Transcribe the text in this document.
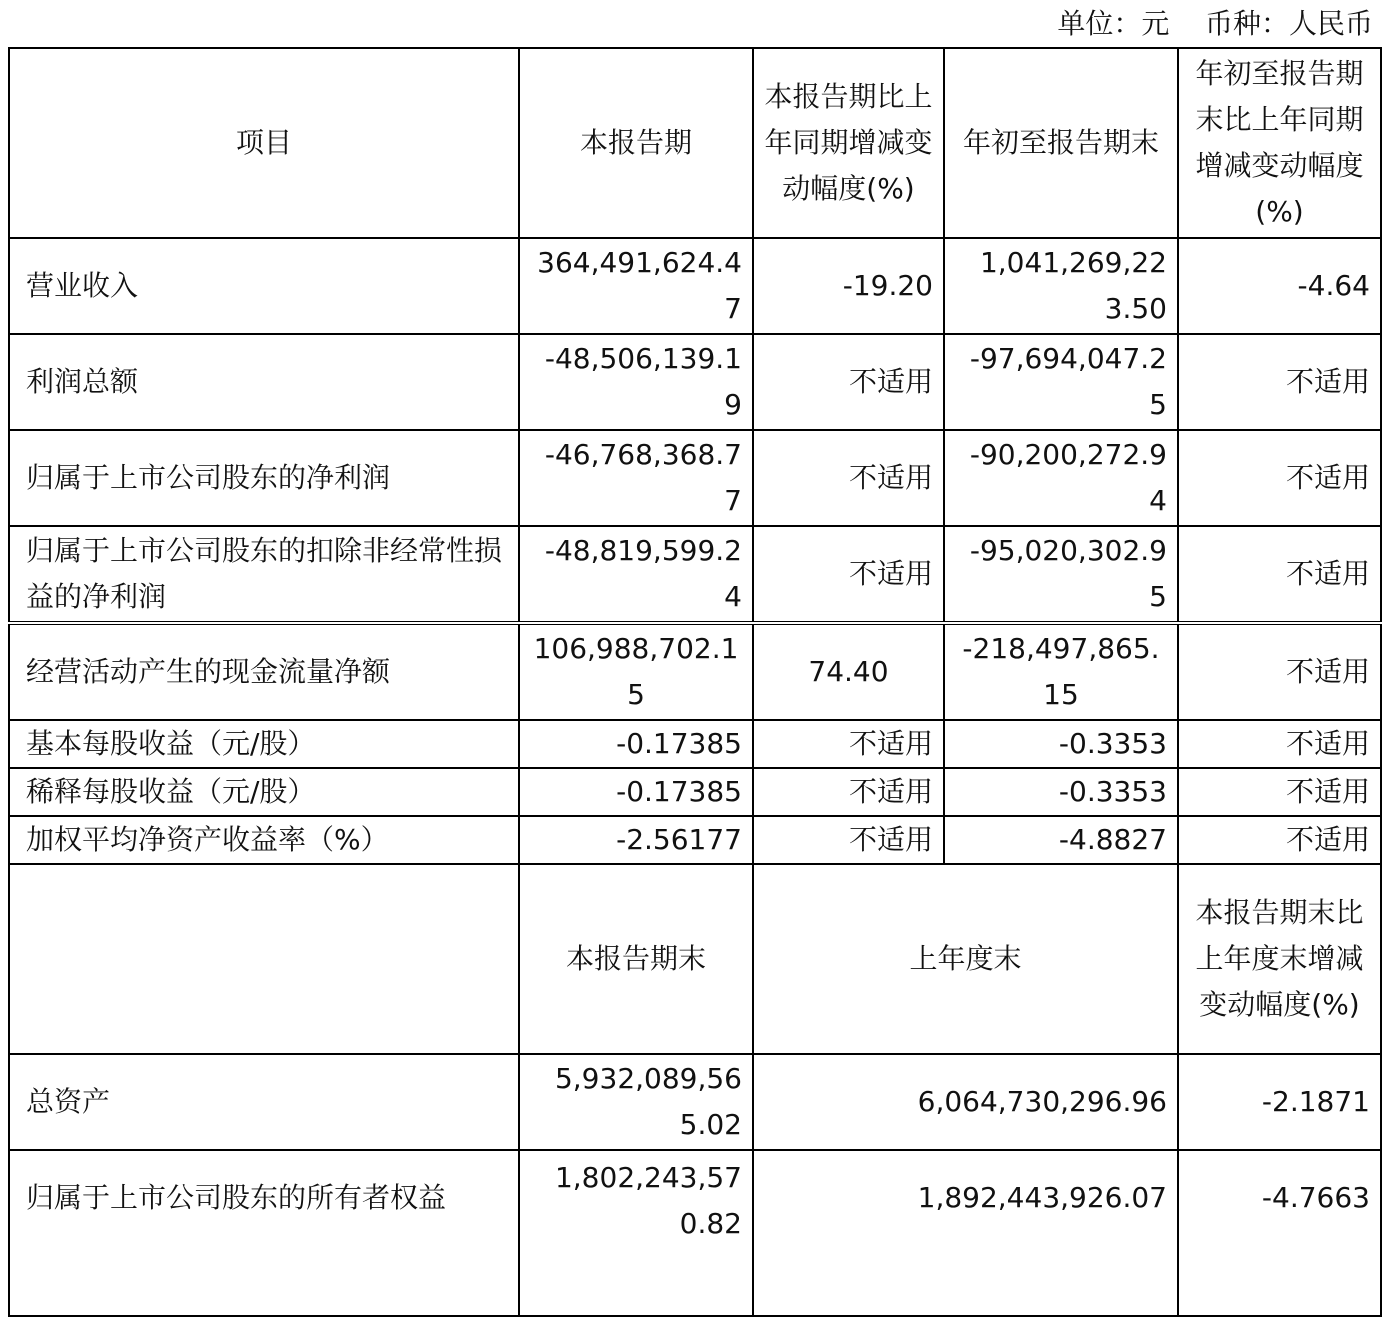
单位：元    币种：人民币
项目	本报告期	本报告期比上年同期增减变动幅度(%)	年初至报告期末	年初至报告期末比上年同期增减变动幅度(%)
营业收入	364,491,624.47	-19.20	1,041,269,223.50	-4.64
利润总额	-48,506,139.19	不适用	-97,694,047.25	不适用
归属于上市公司股东的净利润	-46,768,368.77	不适用	-90,200,272.94	不适用
归属于上市公司股东的扣除非经常性损益的净利润	-48,819,599.24	不适用	-95,020,302.95	不适用
经营活动产生的现金流量净额	106,988,702.15	74.40	-218,497,865.15	不适用
基本每股收益（元/股）	-0.17385	不适用	-0.3353	不适用
稀释每股收益（元/股）	-0.17385	不适用	-0.3353	不适用
加权平均净资产收益率（%）	-2.56177	不适用	-4.8827	不适用
	本报告期末	上年度末		本报告期末比上年度末增减变动幅度(%)
总资产	5,932,089,565.02	6,064,730,296.96		-2.1871
归属于上市公司股东的所有者权益	1,802,243,570.82	1,892,443,926.07		-4.7663
